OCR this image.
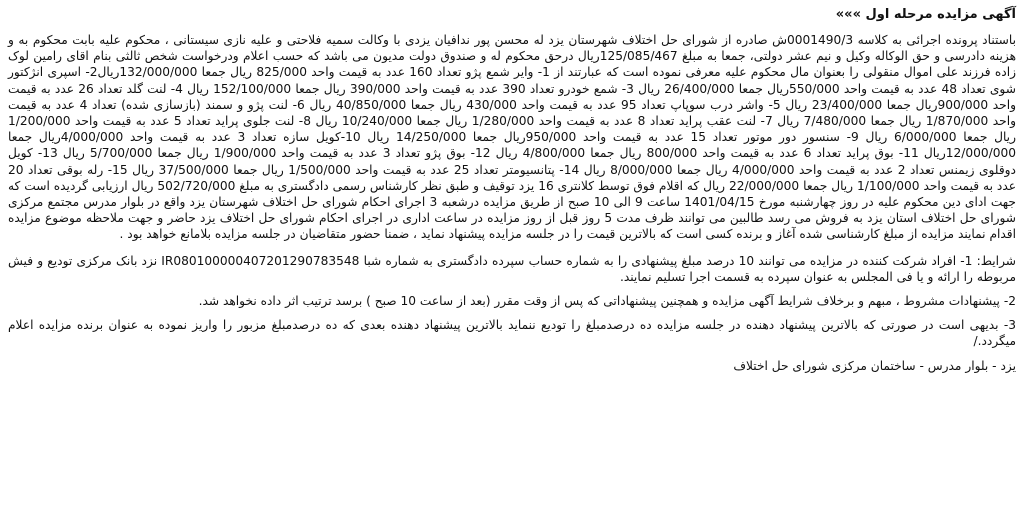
آگهی مزایده مرحله اول »»»

باستناد پرونده اجرائی به کلاسه 0001490/3ش صادره از شورای حل اختلاف شهرستان یزد له محسن پور ندافیان یزدی با وکالت سمیه فلاحتی و علیه نازی سیستانی ، محکوم علیه بابت محکوم به و هزینه دادرسی و حق الوکاله وکیل و نیم عشر دولتی، جمعا به مبلغ 125/085/467ریال درحق محکوم له و صندوق دولت مدیون می باشد که حسب اعلام ودرخواست شخص ثالثی بنام اقای رامین لوک زاده فرزند علی اموال منقولی را بعنوان مال محکوم علیه معرفی نموده است که عبارتند از 1- وایر شمع پژو تعداد 160 عدد به قیمت واحد 825/000 ریال جمعا 132/000/000ریال2- اسپری انژکتور شوی تعداد 48 عدد به قیمت واحد 550/000ریال جمعا 26/400/000 ریال 3- شمع خودرو تعداد 390 عدد به قیمت واحد 390/000 ریال جمعا 152/100/000 ریال 4- لنت گلد تعداد 26 عدد به قیمت واحد 900/000ریال جمعا 23/400/000 ریال 5- واشر درب سوپاپ تعداد 95 عدد به قیمت واحد 430/000 ریال جمعا 40/850/000 ریال 6- لنت پژو و سمند (بازسازی شده) تعداد 4 عدد به قیمت واحد 1/870/000 ریال جمعا 7/480/000 ریال 7- لنت عقب پراید تعداد 8 عدد به قیمت واحد 1/280/000 ریال جمعا 10/240/000 ریال 8- لنت جلوی پراید تعداد 5 عدد به قیمت واحد 1/200/000 ریال جمعا 6/000/000 ریال 9- سنسور دور موتور تعداد 15 عدد به قیمت واحد 950/000ریال جمعا 14/250/000 ریال 10-کویل سازه تعداد 3 عدد به قیمت واحد 4/000/000ریال جمعا 12/000/000ریال 11- بوق پراید تعداد 6 عدد به قیمت واحد 800/000 ریال جمعا 4/800/000 ریال 12- بوق پژو تعداد 3 عدد به قیمت واحد 1/900/000 ریال جمعا 5/700/000 ریال 13- کویل دوقلوی زیمنس تعداد 2 عدد به قیمت واحد 4/000/000 ریال جمعا 8/000/000 ریال 14- پتانسیومتر تعداد 25 عدد به قیمت واحد 1/500/000 ریال جمعا 37/500/000 ریال 15- رله بوقی تعداد 20 عدد به قیمت واحد 1/100/000 ریال جمعا 22/000/000 ریال که اقلام فوق توسط کلانتری 16 یزد توقیف و طبق نظر کارشناس رسمی دادگستری به مبلغ 502/720/000 ریال ارزیابی گردیده است که جهت ادای دین محکوم علیه در روز چهارشنبه مورخ 1401/04/15 ساعت 9 الی 10 صبح از طریق مزایده درشعبه 3 اجرای احکام شورای حل اختلاف شهرستان یزد واقع در بلوار مدرس مجتمع مرکزی شورای حل اختلاف استان یزد به فروش می رسد طالبین می توانند ظرف مدت 5 روز قبل از روز مزایده در ساعت اداری در اجرای احکام شورای حل اختلاف یزد حاضر و جهت ملاحظه موضوع مزایده اقدام نمایند مزایده از مبلغ کارشناسی شده آغاز و برنده کسی است که بالاترین قیمت را در جلسه مزایده پیشنهاد نماید ، ضمنا حضور متقاضیان در جلسه مزایده بلامانع خواهد بود .

شرایط: 1- افراد شرکت کننده در مزایده می توانند 10 درصد مبلغ پیشنهادی را به شماره حساب سپرده دادگستری به شماره شبا IR080100000407201290783548 نزد بانک مرکزی تودیع و فیش مربوطه را ارائه و یا فی المجلس به عنوان سپرده به قسمت اجرا تسلیم نمایند.

2- پیشنهادات مشروط ، مبهم و برخلاف شرایط آگهی مزایده و همچنین پیشنهاداتی که پس از وقت مقرر (بعد از ساعت 10 صبح ) برسد ترتیب اثر داده نخواهد شد.

3- بدیهی است در صورتی که بالاترین پیشنهاد دهنده در جلسه مزایده ده درصدمبلغ را تودیع ننماید بالاترین پیشنهاد دهنده بعدی که ده درصدمبلغ مزبور را واریز نموده به عنوان برنده مزایده اعلام میگردد./

یزد - بلوار مدرس - ساختمان مرکزی شورای حل اختلاف
